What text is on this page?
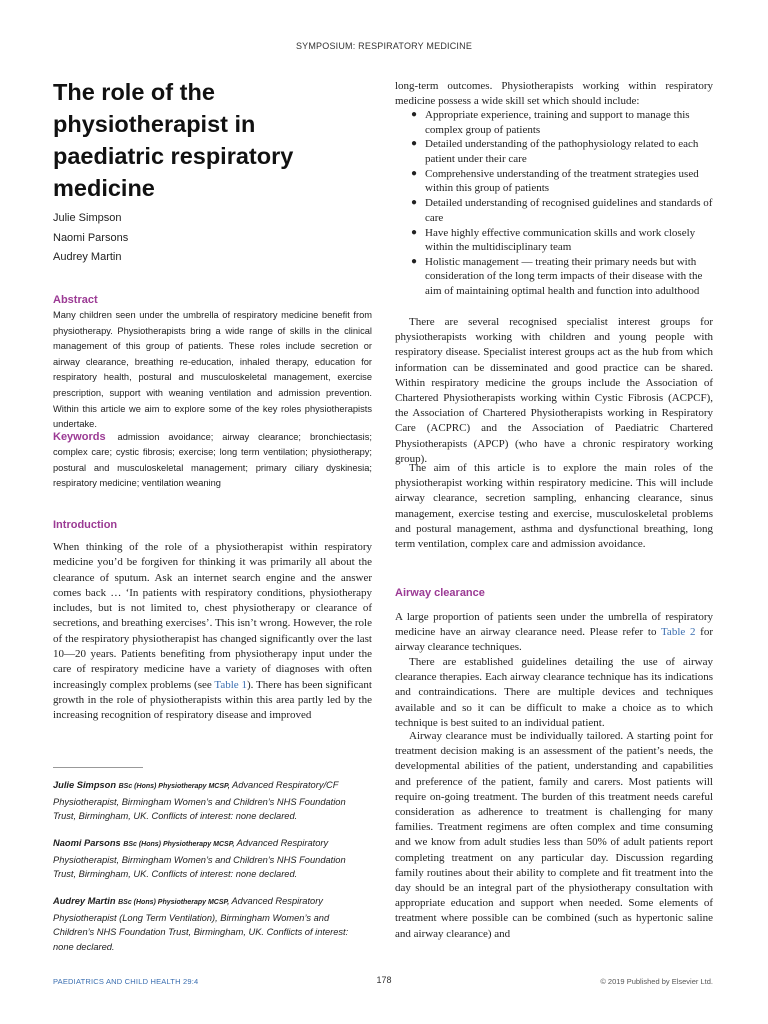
SYMPOSIUM: RESPIRATORY MEDICINE
The role of the physiotherapist in paediatric respiratory medicine
Julie Simpson
Naomi Parsons
Audrey Martin
Abstract

Many children seen under the umbrella of respiratory medicine benefit from physiotherapy. Physiotherapists bring a wide range of skills in the clinical management of this group of patients. These roles include secretion or airway clearance, breathing re-education, inhaled therapy, education for respiratory health, postural and musculoskeletal management, exercise prescription, support with weaning ventilation and admission prevention. Within this article we aim to explore some of the key roles physiotherapists undertake.

Keywords admission avoidance; airway clearance; bronchiectasis; complex care; cystic fibrosis; exercise; long term ventilation; physiotherapy; postural and musculoskeletal management; primary ciliary dyskinesia; respiratory medicine; ventilation weaning

Introduction

When thinking of the role of a physiotherapist within respiratory medicine you’d be forgiven for thinking it was primarily all about the clearance of sputum. Ask an internet search engine and the answer comes back … ‘In patients with respiratory conditions, physiotherapy includes, but is not limited to, chest physiotherapy or clearance of secretions, and breathing exercises’. This isn’t wrong. However, the role of the respiratory physiotherapist has changed significantly over the last 10—20 years. Patients benefiting from physiotherapy input under the care of respiratory medicine have a variety of diagnoses with often increasingly complex problems (see Table 1). There has been significant growth in the role of physiotherapists within this area partly led by the increasing recognition of respiratory disease and improved

Julie Simpson BSc (Hons) Physiotherapy MCSP, Advanced Respiratory/CF Physiotherapist, Birmingham Women’s and Children’s NHS Foundation Trust, Birmingham, UK. Conflicts of interest: none declared.

Naomi Parsons BSc (Hons) Physiotherapy MCSP, Advanced Respiratory Physiotherapist, Birmingham Women’s and Children’s NHS Foundation Trust, Birmingham, UK. Conflicts of interest: none declared.

Audrey Martin BSc (Hons) Physiotherapy MCSP, Advanced Respiratory Physiotherapist (Long Term Ventilation), Birmingham Women’s and Children’s NHS Foundation Trust, Birmingham, UK. Conflicts of interest: none declared.

long-term outcomes. Physiotherapists working within respiratory medicine possess a wide skill set which should include:

● Appropriate experience, training and support to manage this complex group of patients
● Detailed understanding of the pathophysiology related to each patient under their care
● Comprehensive understanding of the treatment strategies used within this group of patients
● Detailed understanding of recognised guidelines and standards of care
● Have highly effective communication skills and work closely within the multidisciplinary team
● Holistic management — treating their primary needs but with consideration of the long term impacts of their disease with the aim of maintaining optimal health and function into adulthood

There are several recognised specialist interest groups for physiotherapists working with children and young people with respiratory disease. Specialist interest groups act as the hub from which information can be disseminated and good practice can be shared. Within respiratory medicine the groups include the Association of Chartered Physiotherapists working within Cystic Fibrosis (ACPCF), the Association of Chartered Physiotherapists working in Respiratory Care (ACPRC) and the Association of Paediatric Chartered Physiotherapists (APCP) (who have a chronic respiratory working group).

The aim of this article is to explore the main roles of the physiotherapist working within respiratory medicine. This will include airway clearance, secretion sampling, enhancing clearance, sinus management, exercise testing and exercise, musculoskeletal problems and postural management, asthma and dysfunctional breathing, long term ventilation, complex care and admission avoidance.

Airway clearance

A large proportion of patients seen under the umbrella of respiratory medicine have an airway clearance need. Please refer to Table 2 for airway clearance techniques.

There are established guidelines detailing the use of airway clearance therapies. Each airway clearance technique has its indications and contraindications. There are multiple devices and techniques available and so it can be difficult to make a choice as to which technique is best suited to an individual patient.

Airway clearance must be individually tailored. A starting point for treatment decision making is an assessment of the patient’s needs, the developmental abilities of the patient, understanding and capabilities and preference of the patient, family and carers. Most patients will require on-going treatment. The burden of this treatment needs careful consideration as adherence to treatment is challenging for many families. Treatment regimens are often complex and time consuming and we know from adult studies less than 50% of adult patients report completing treatment on any particular day. Discussion regarding family routines about their ability to complete and fit treatment into the day should be an integral part of the physiotherapy consultation with appropriate education and support when needed. Some elements of treatment where possible can be combined (such as hypertonic saline and airway clearance) and

PAEDIATRICS AND CHILD HEALTH 29:4	178	© 2019 Published by Elsevier Ltd.
